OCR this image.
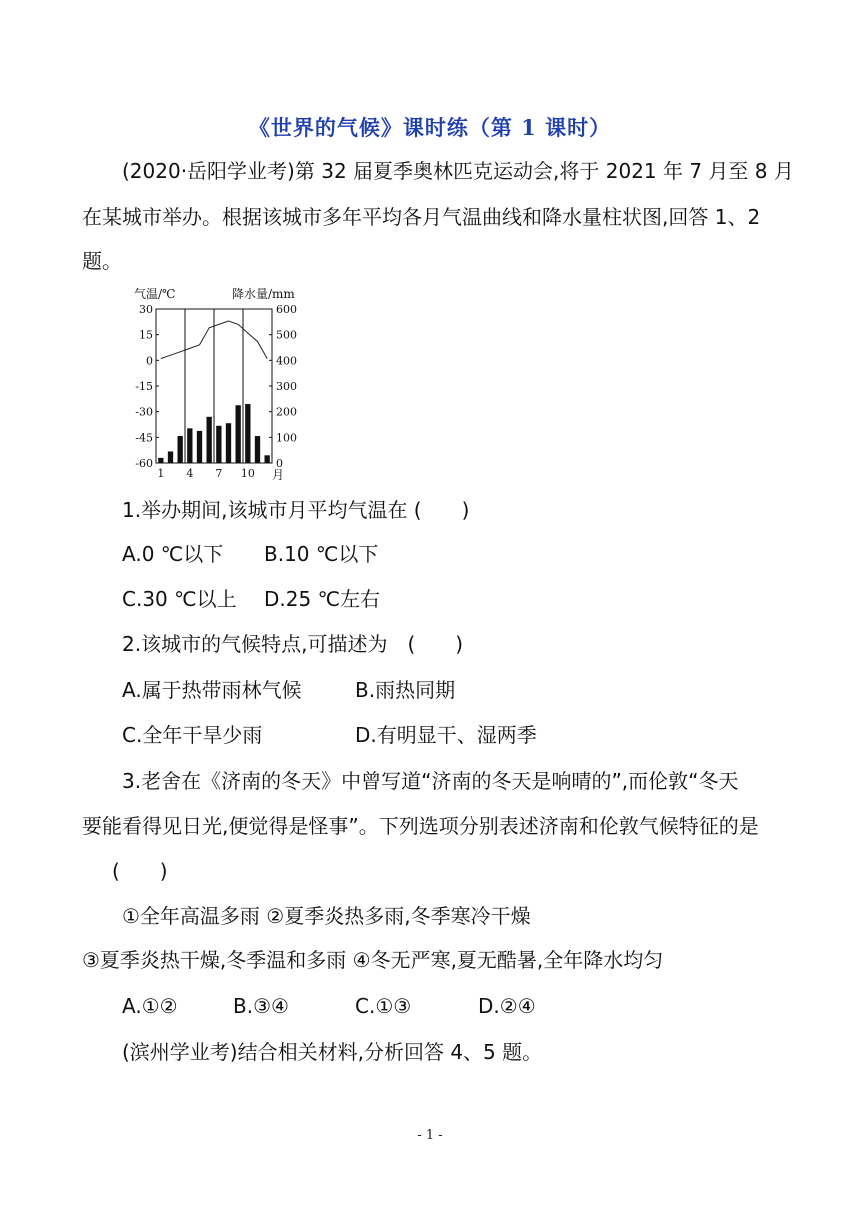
《世界的气候》课时练（第 1 课时）
(2020·岳阳学业考)第 32 届夏季奥林匹克运动会,将于 2021 年 7 月至 8 月
在某城市举办。根据该城市多年平均各月气温曲线和降水量柱状图,回答 1、2
题。
30
15
0
-15
-30
-45
-60
600
500
400
300
200
100
0
1 4 7 10
气温/℃	降水量/mm
月
1.举办期间,该城市月平均气温在 (　　)
A.0 ℃以下 B.10 ℃以下
C.30 ℃以上 D.25 ℃左右
2.该城市的气候特点,可描述为　(　　)
A.属于热带雨林气候	B.雨热同期
C.全年干旱少雨	D.有明显干、湿两季
3.老舍在《济南的冬天》中曾写道“济南的冬天是响晴的”,而伦敦“冬天
要能看得见日光,便觉得是怪事”。下列选项分别表述济南和伦敦气候特征的是
(　　)
①全年高温多雨 ②夏季炎热多雨,冬季寒冷干燥
③夏季炎热干燥,冬季温和多雨 ④冬无严寒,夏无酷暑,全年降水均匀
A.①②	B.③④	C.①③	D.②④
(滨州学业考)结合相关材料,分析回答 4、5 题。
- 1 -
